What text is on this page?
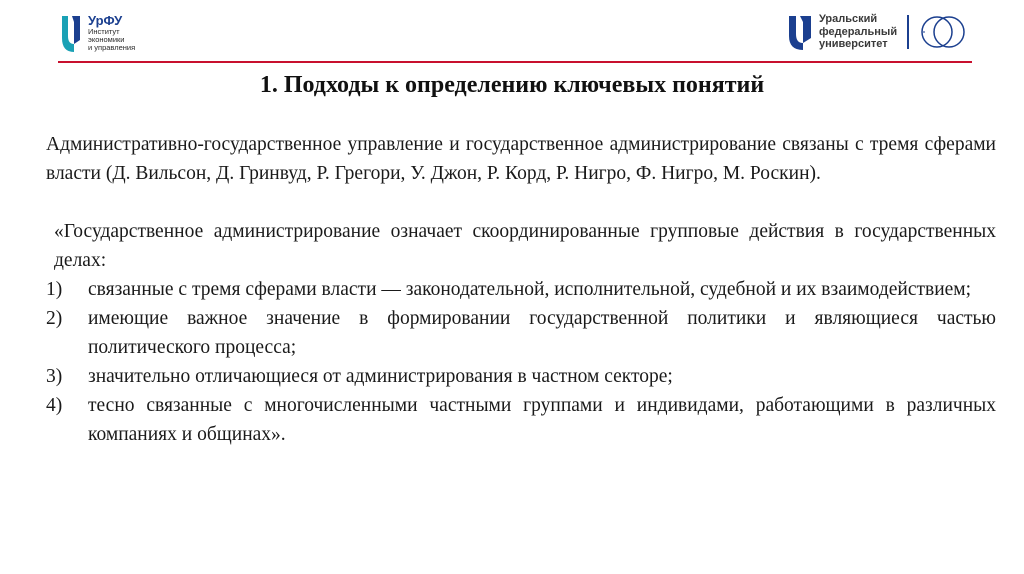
УрФУ
Институт
экономики
и управления
Уральский
федеральный
университет
1. Подходы к определению ключевых понятий

Административно-государственное управление и государственное администрирование связаны с тремя сферами власти (Д. Вильсон, Д. Гринвуд, Р. Грегори, У. Джон, Р. Корд, Р. Нигро, Ф. Нигро, М. Роскин).

«Государственное администрирование означает скоординированные групповые действия в государственных делах:

1)	связанные с тремя сферами власти — законодательной, исполнительной, судебной и их взаимодействием;
2)	имеющие важное значение в формировании государственной политики и являющиеся частью политического процесса;
3)	значительно отличающиеся от администрирования в частном секторе;
4)	тесно связанные с многочисленными частными группами и индивидами, работающими в различных компаниях и общинах».
